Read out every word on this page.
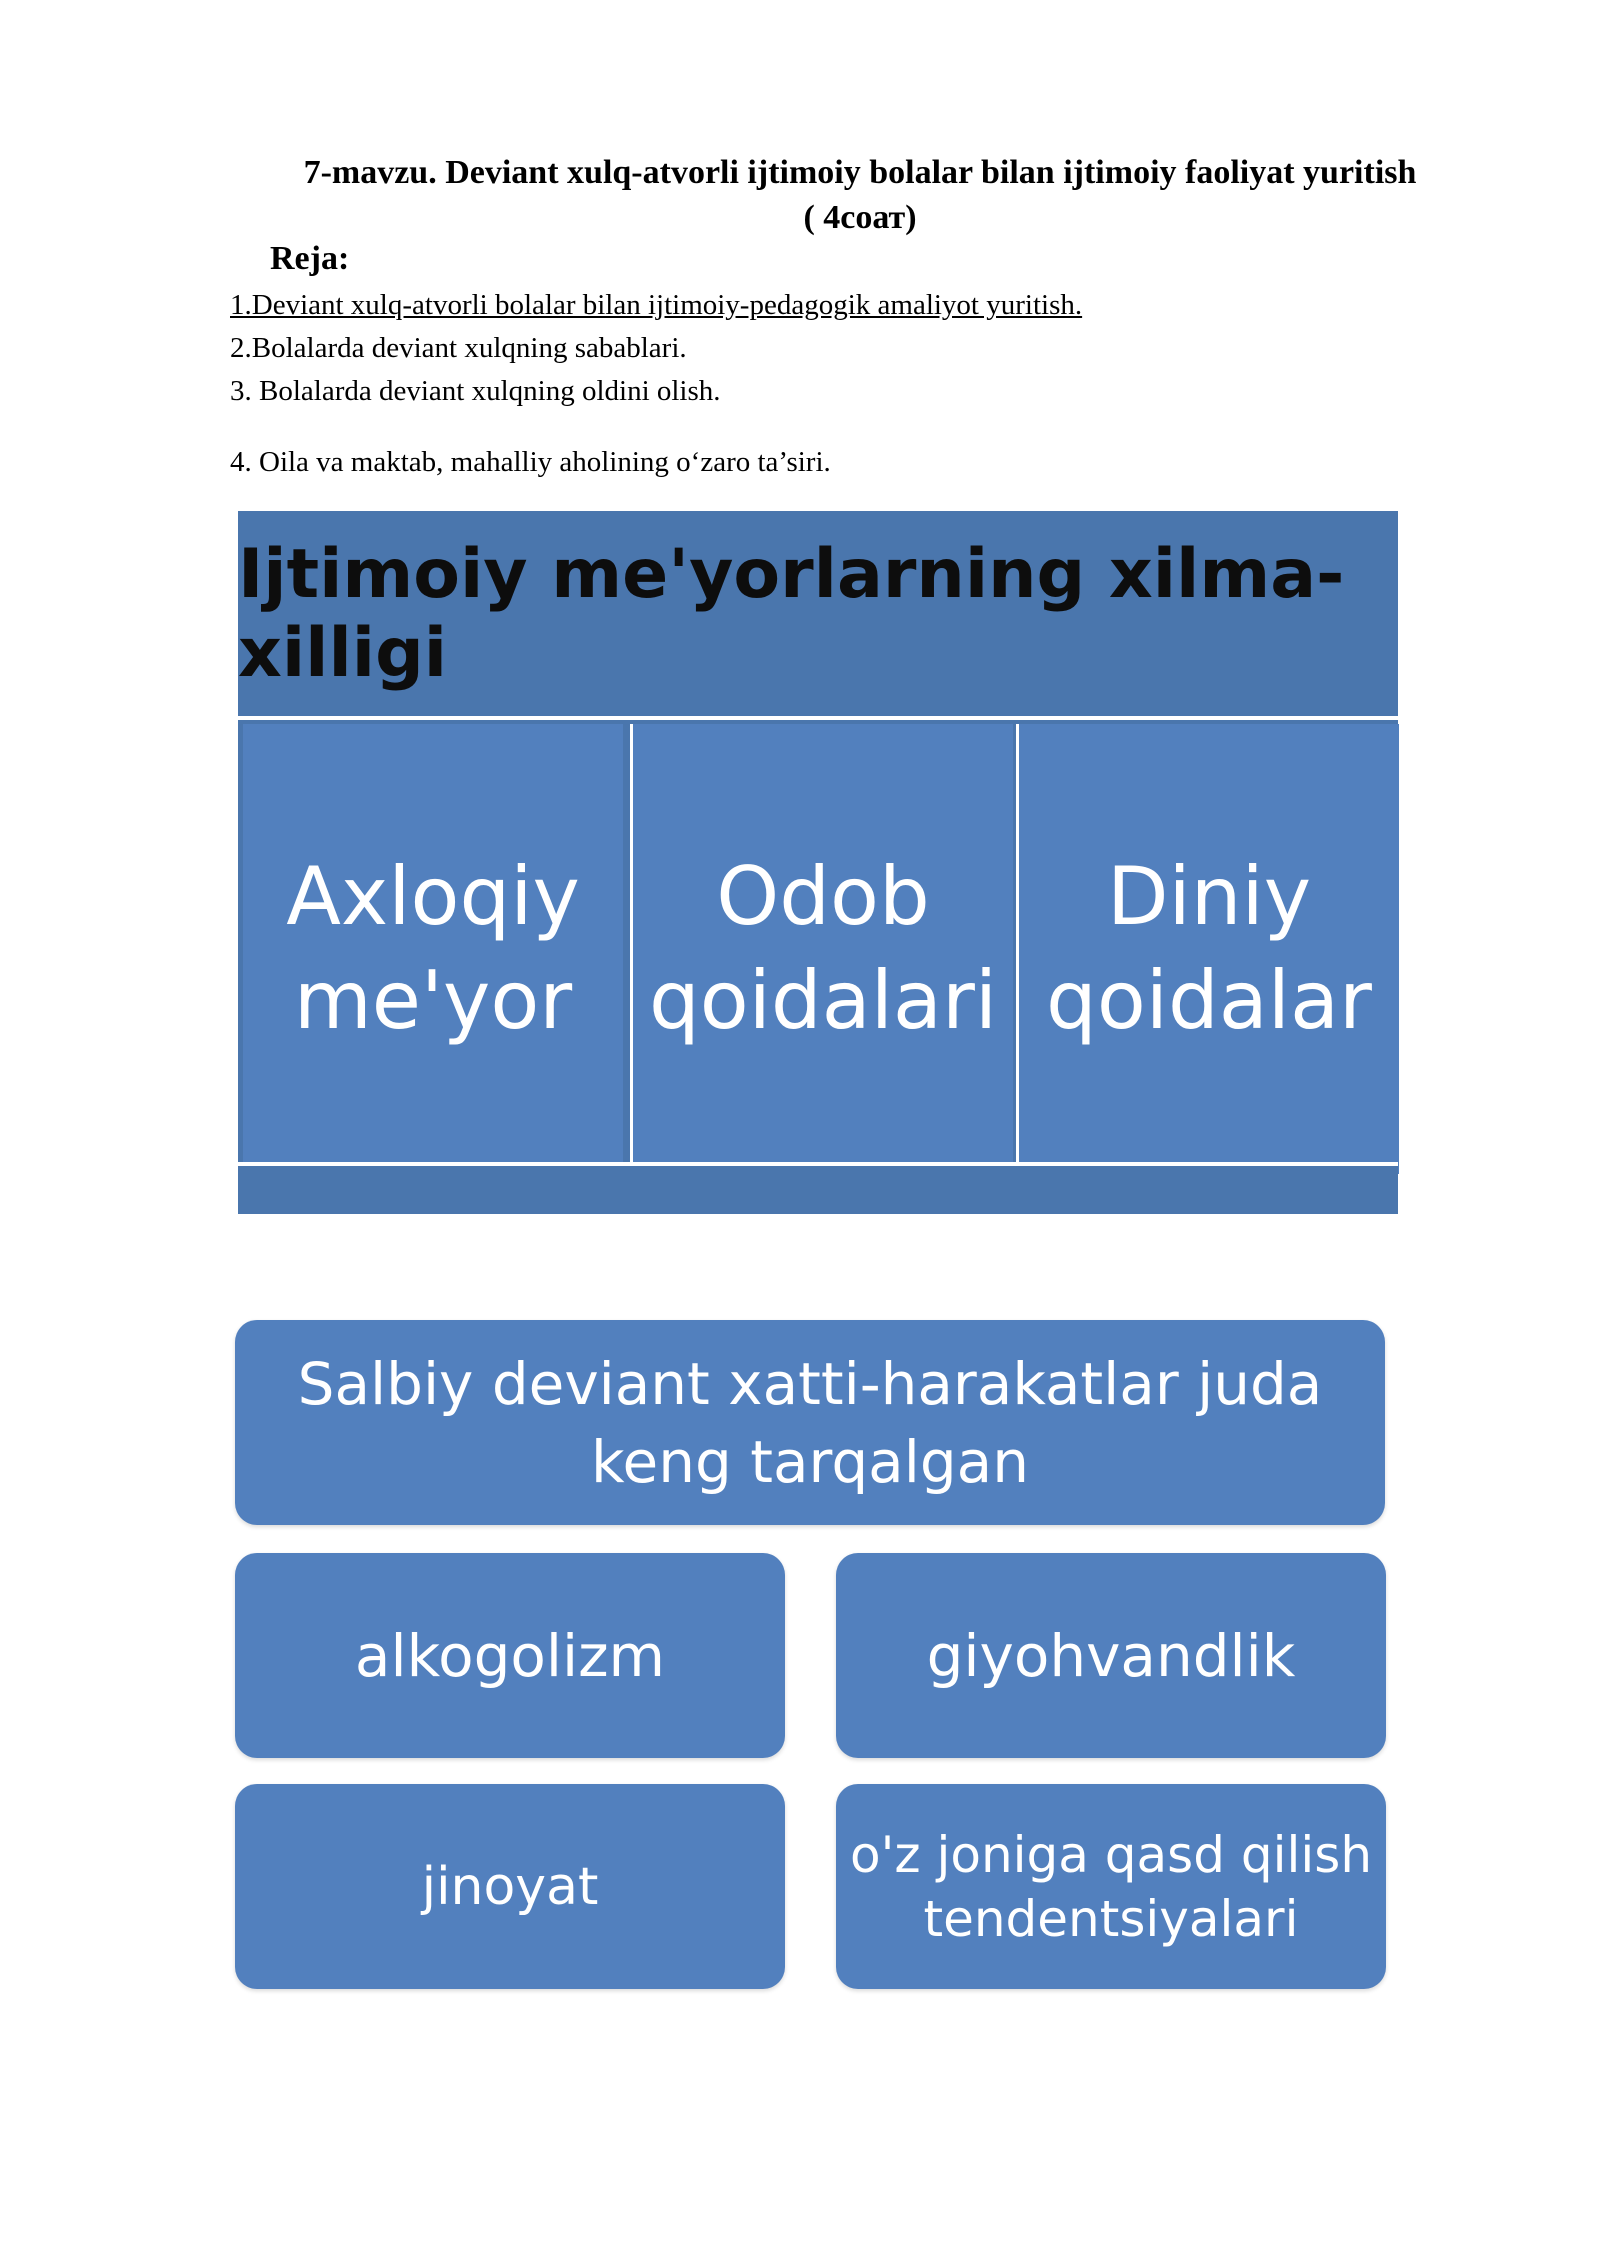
7-mavzu. Deviant xulq-atvorli ijtimoiy bolalar bilan ijtimoiy faoliyat yuritish
( 4соат)
Reja:
1.Deviant xulq-atvorli bolalar bilan ijtimoiy-pedagogik amaliyot yuritish.
2.Bolalarda deviant xulqning sabablari.
3. Bolalarda deviant xulqning oldini olish.
4. Oila va maktab, mahalliy aholining o‘zaro ta’siri.
Ijtimoiy me'yorlarning xilma-xilligi
Axloqiy
me'yor
Odob
qoidalari
Diniy
qoidalar
Salbiy deviant xatti-harakatlar juda
keng tarqalgan
alkogolizm	giyohvandlik
jinoyat
o'z joniga qasd qilish
tendentsiyalari
